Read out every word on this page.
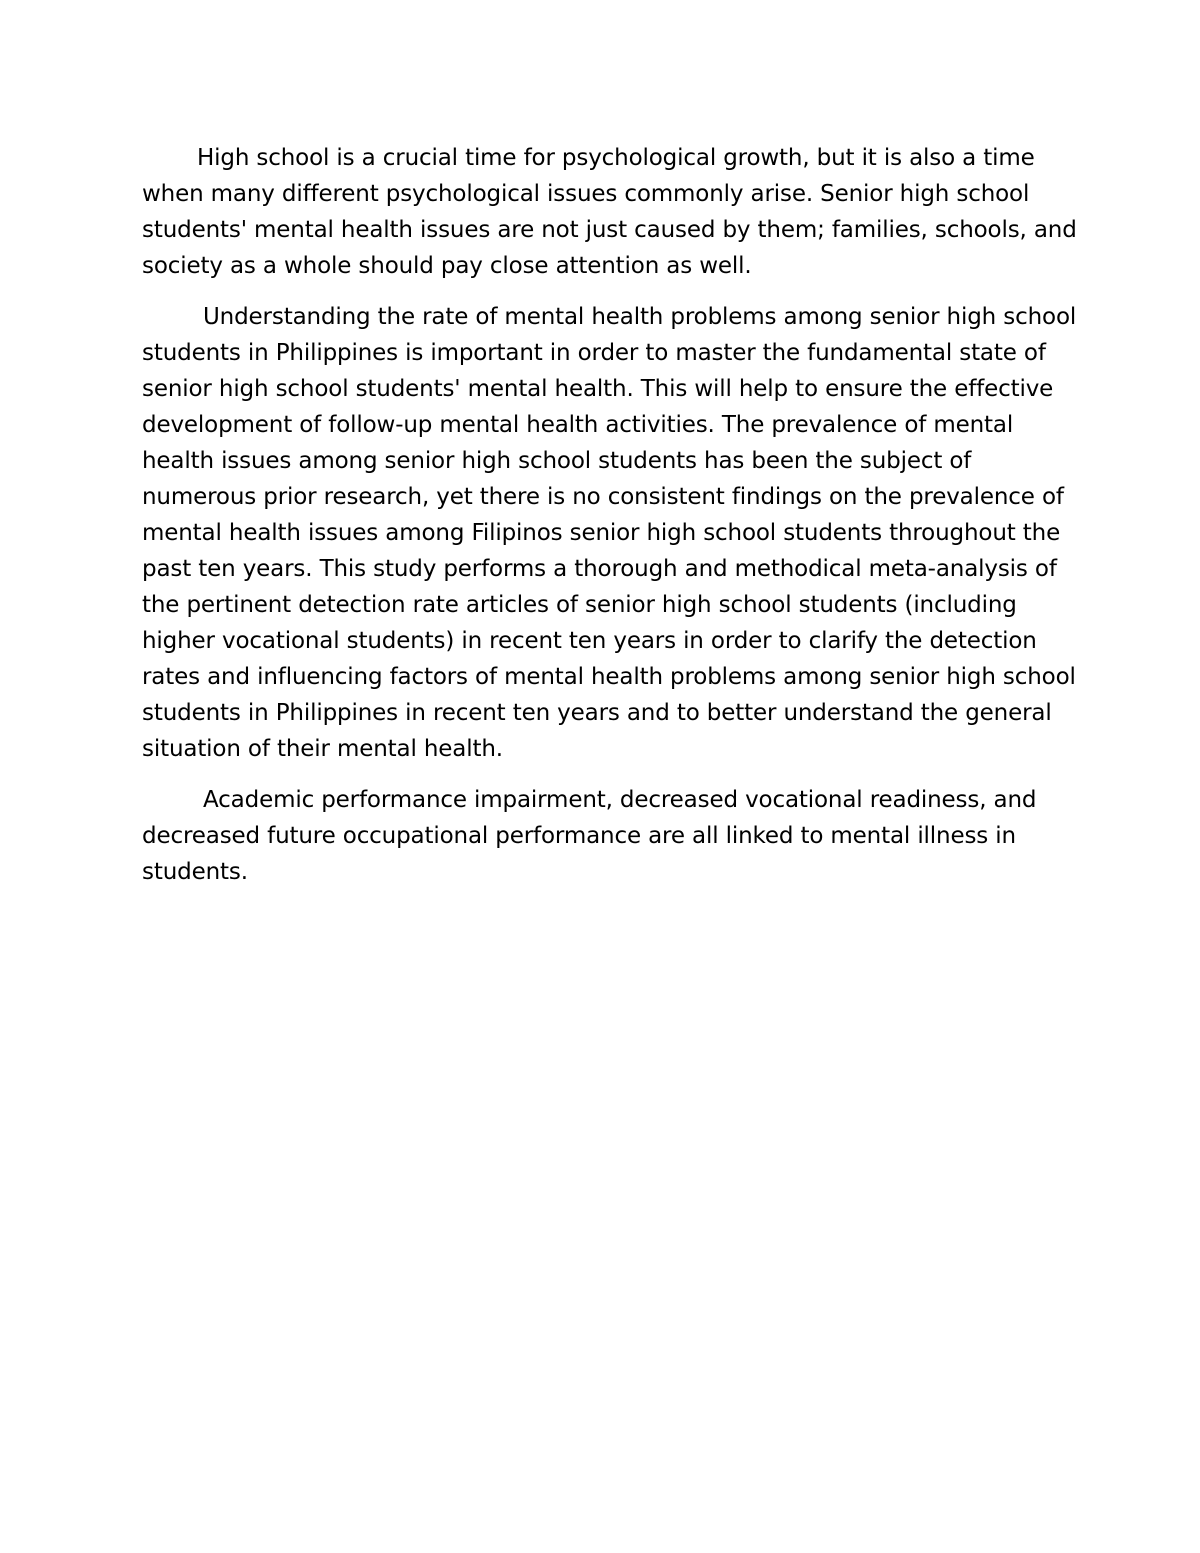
High school is a crucial time for psychological growth, but it is also a time
when many different psychological issues commonly arise. Senior high school
students' mental health issues are not just caused by them; families, schools, and
society as a whole should pay close attention as well.
Understanding the rate of mental health problems among senior high school
students in Philippines is important in order to master the fundamental state of
senior high school students' mental health. This will help to ensure the effective
development of follow-up mental health activities. The prevalence of mental
health issues among senior high school students has been the subject of
numerous prior research, yet there is no consistent findings on the prevalence of
mental health issues among Filipinos senior high school students throughout the
past ten years. This study performs a thorough and methodical meta-analysis of
the pertinent detection rate articles of senior high school students (including
higher vocational students) in recent ten years in order to clarify the detection
rates and influencing factors of mental health problems among senior high school
students in Philippines in recent ten years and to better understand the general
situation of their mental health.
Academic performance impairment, decreased vocational readiness, and
decreased future occupational performance are all linked to mental illness in
students.
